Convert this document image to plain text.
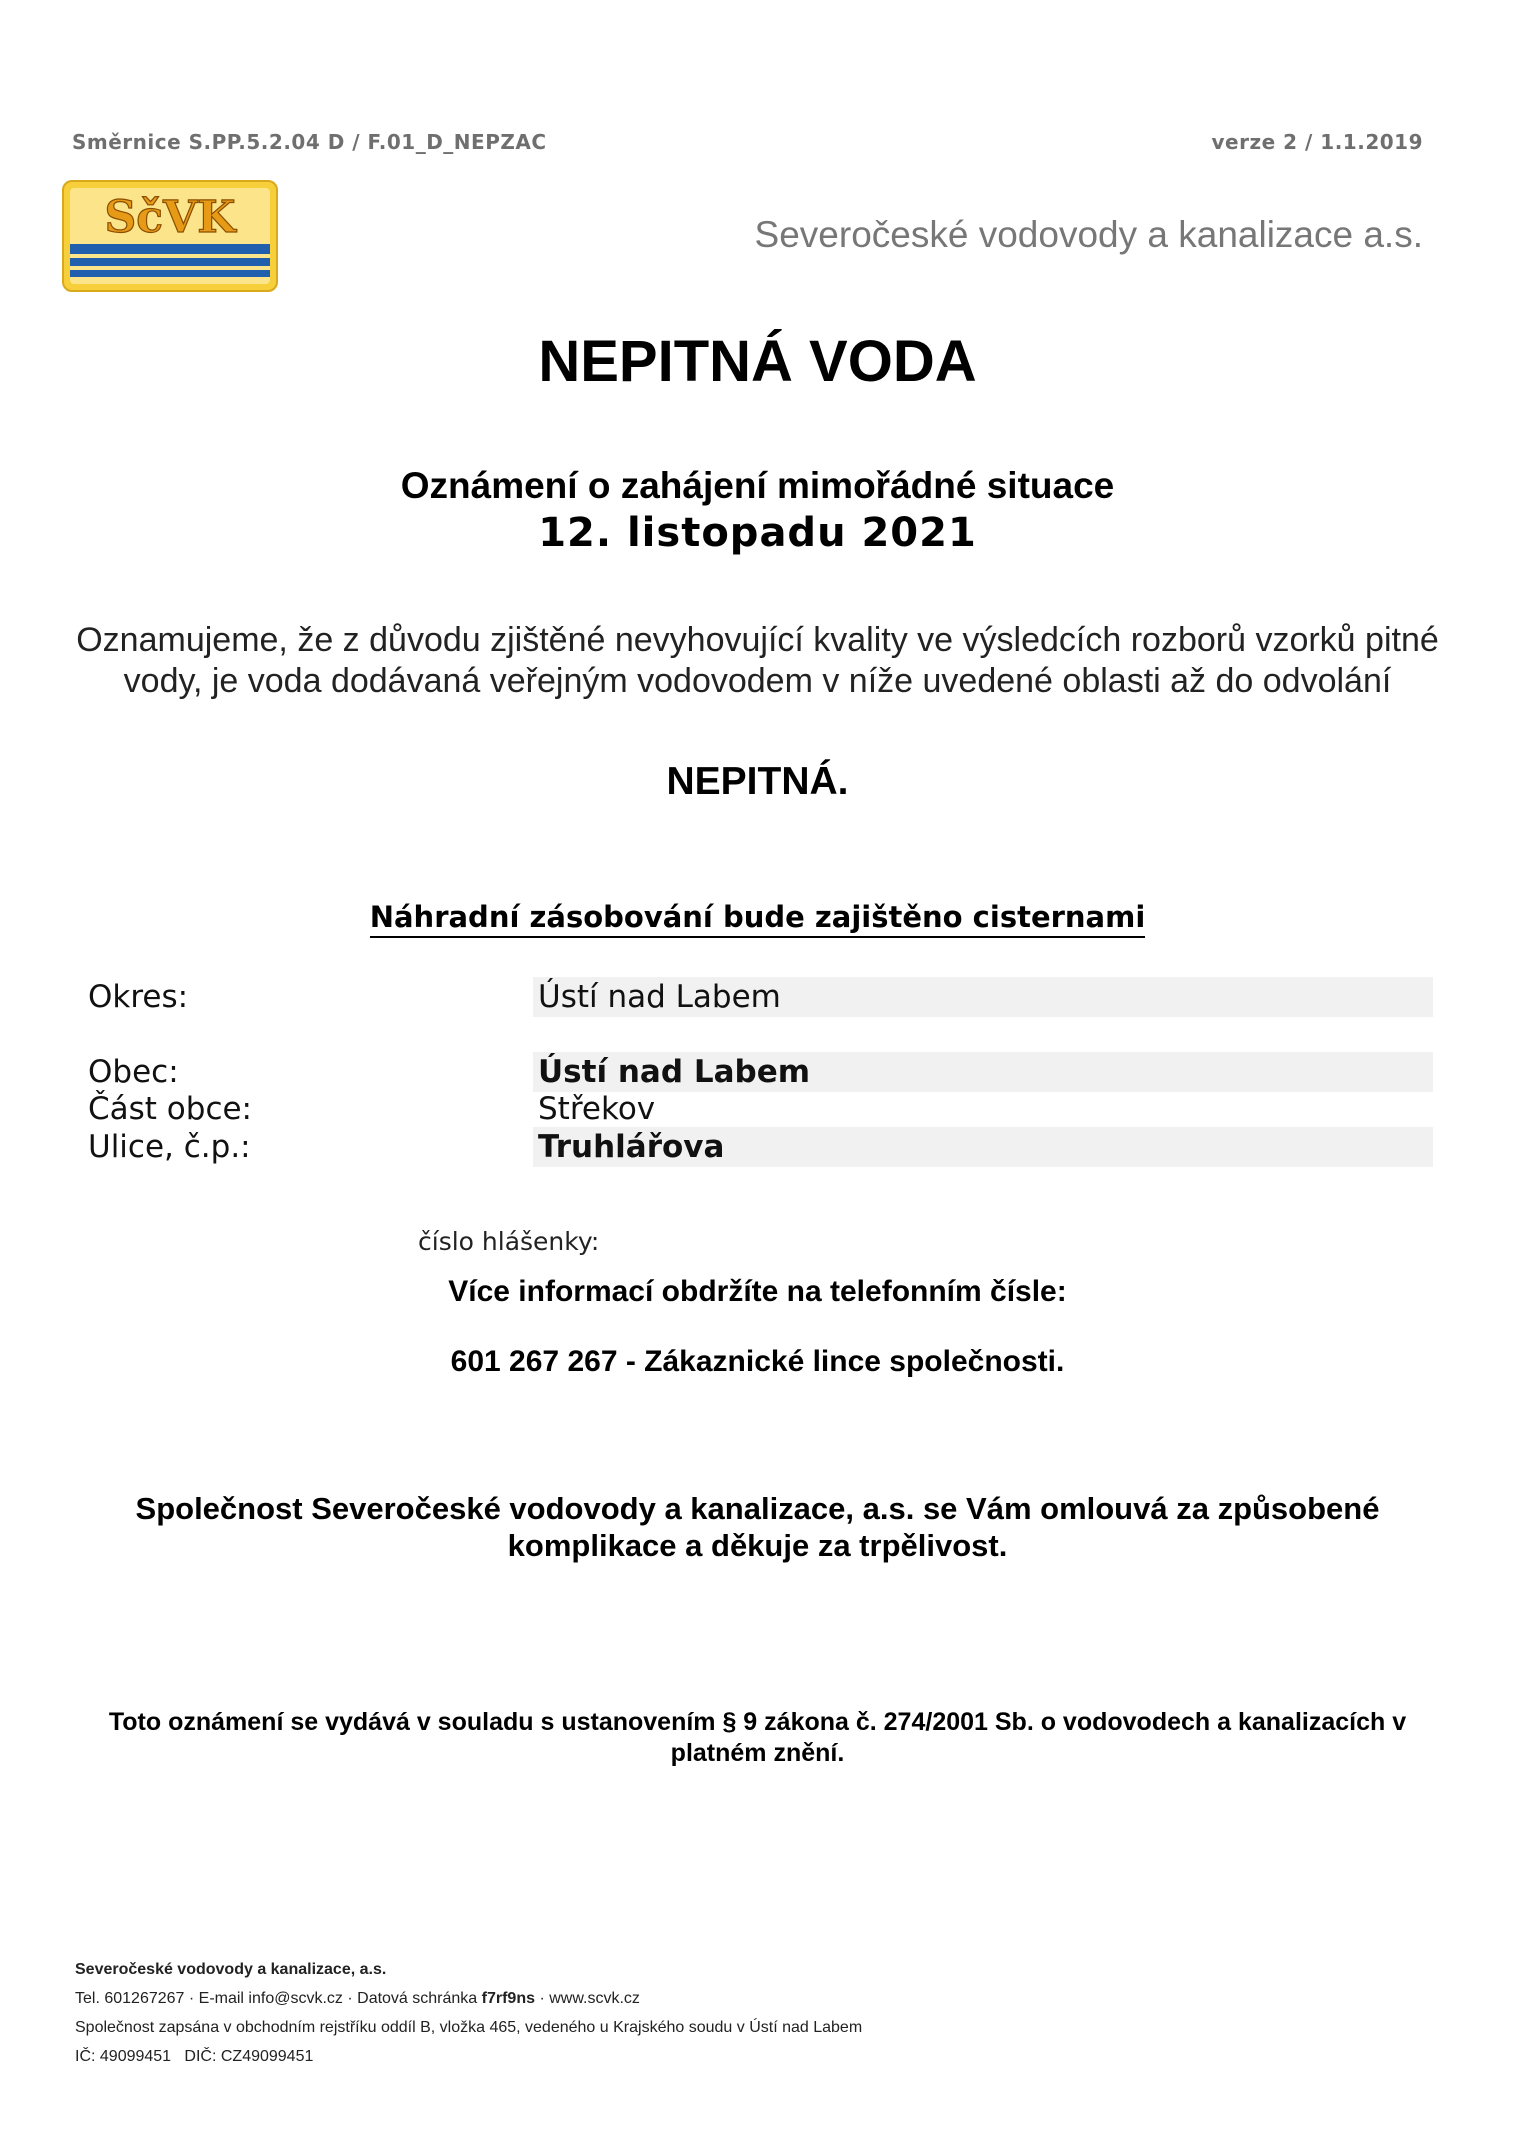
Směrnice S.PP.5.2.04 D / F.01_D_NEPZAC	verze 2 / 1.1.2019
SčVK	Severočeské vodovody a kanalizace a.s.
NEPITNÁ VODA
Oznámení o zahájení mimořádné situace
12. listopadu 2021
Oznamujeme, že z důvodu zjištěné nevyhovující kvality ve výsledcích rozborů vzorků pitné vody, je voda dodávaná veřejným vodovodem v níže uvedené oblasti až do odvolání
NEPITNÁ.
Náhradní zásobování bude zajištěno cisternami
Okres:	Ústí nad Labem
Obec:	Ústí nad Labem
Část obce:	Střekov
Ulice, č.p.:	Truhlářova
číslo hlášenky:
Více informací obdržíte na telefonním čísle:
601 267 267 - Zákaznické lince společnosti.
Společnost Severočeské vodovody a kanalizace, a.s. se Vám omlouvá za způsobené komplikace a děkuje za trpělivost.
Toto oznámení se vydává v souladu s ustanovením § 9 zákona č. 274/2001 Sb. o vodovodech a kanalizacích v platném znění.
Severočeské vodovody a kanalizace, a.s.
Tel. 601267267 · E-mail info@scvk.cz · Datová schránka f7rf9ns · www.scvk.cz
Společnost zapsána v obchodním rejstříku oddíl B, vložka 465, vedeného u Krajského soudu v Ústí nad Labem
IČ: 49099451   DIČ: CZ49099451
